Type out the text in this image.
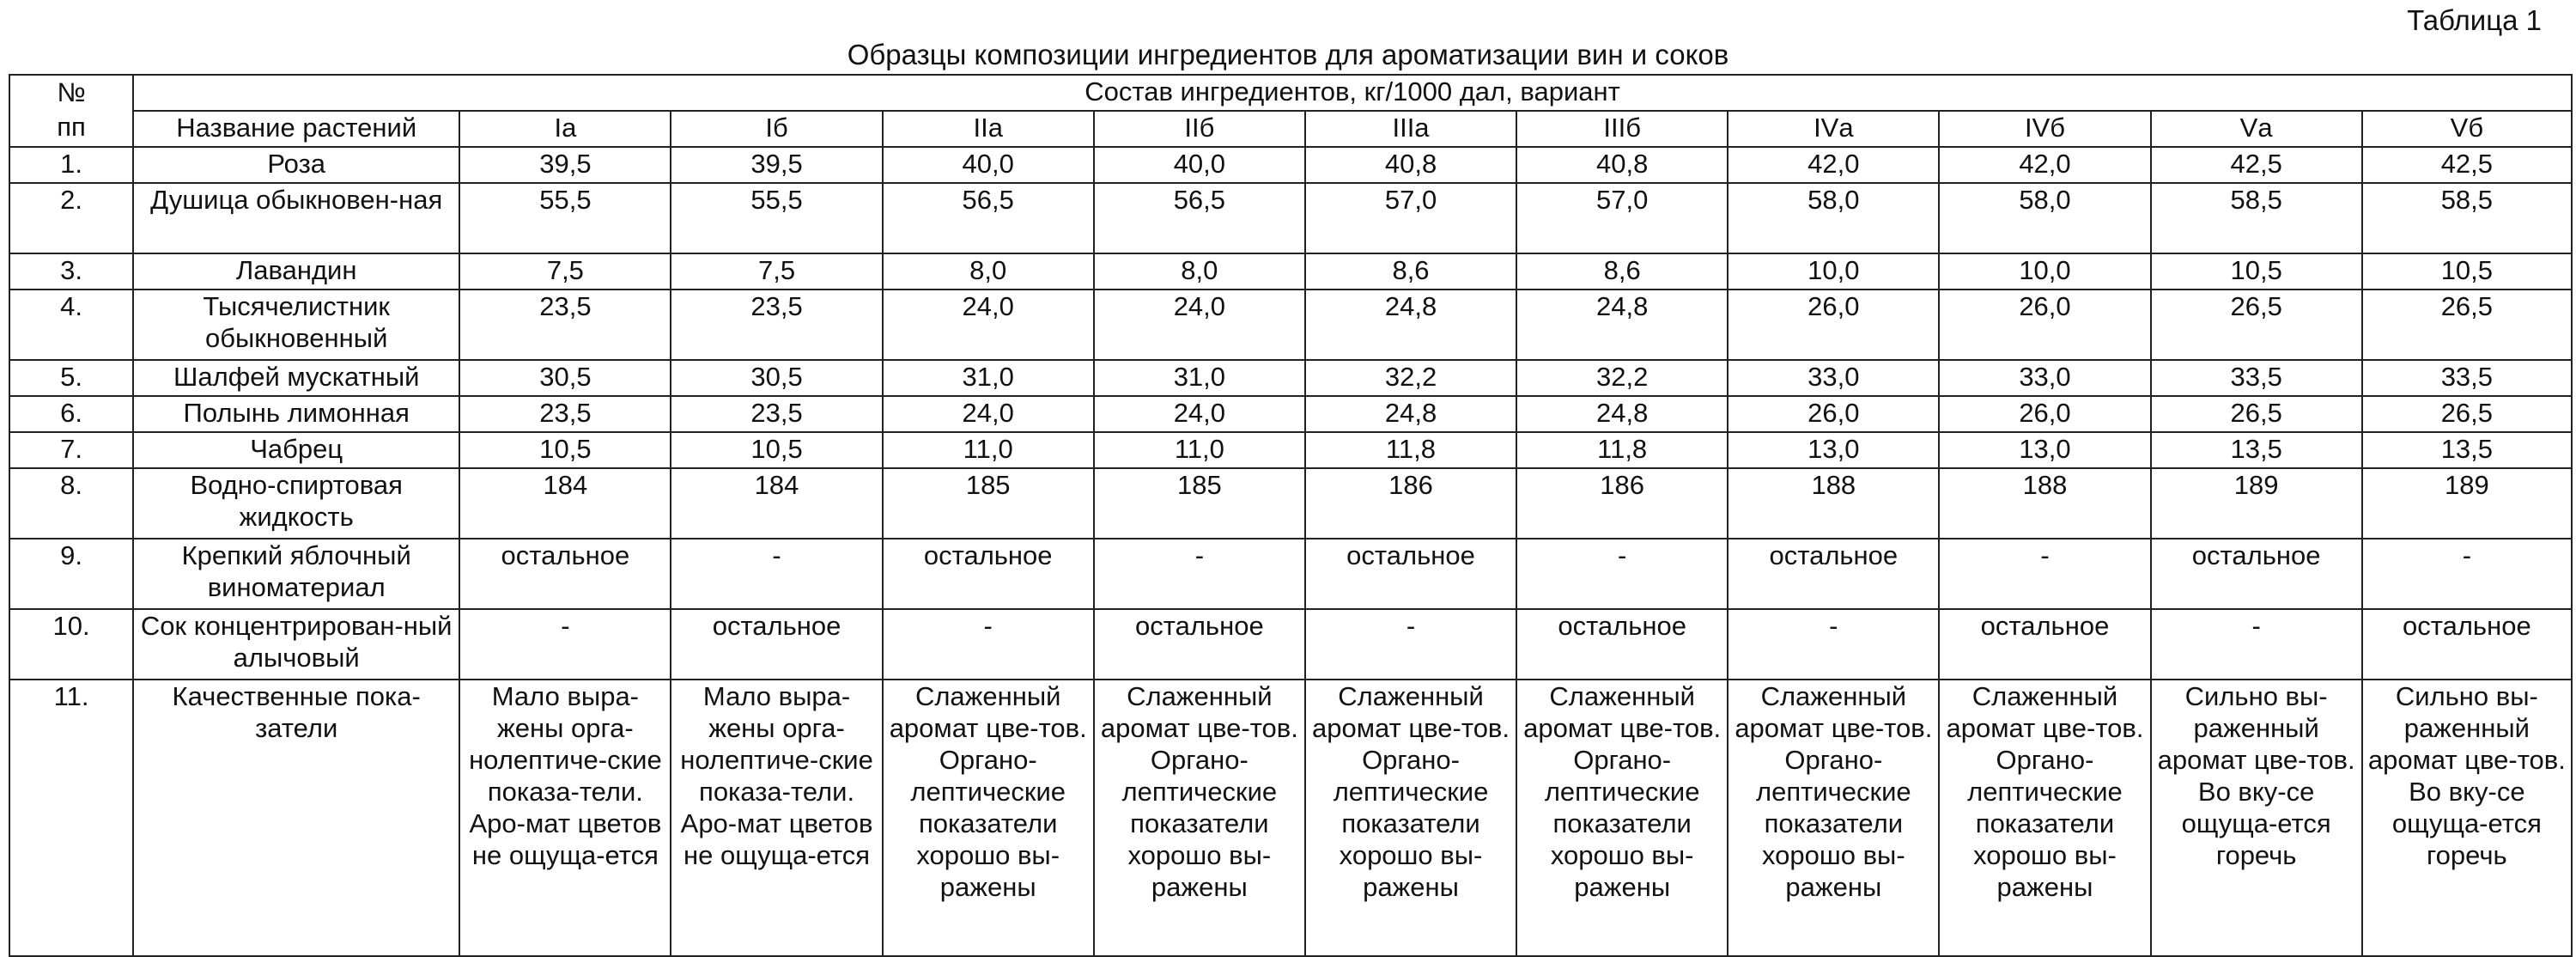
Таблица 1
Образцы композиции ингредиентов для ароматизации вин и соков
№
пп	Состав ингредиентов, кг/1000 дал, вариант										
	Название растений	Iа	Iб	IIа	IIб	IIIа	IIIб	IVа	IVб	Vа	Vб
1.	Роза	39,5	39,5	40,0	40,0	40,8	40,8	42,0	42,0	42,5	42,5
2.	Душица обыкновен-ная	55,5	55,5	56,5	56,5	57,0	57,0	58,0	58,0	58,5	58,5
3.	Лавандин	7,5	7,5	8,0	8,0	8,6	8,6	10,0	10,0	10,5	10,5
4.	Тысячелистник обыкновенный	23,5	23,5	24,0	24,0	24,8	24,8	26,0	26,0	26,5	26,5
5.	Шалфей мускатный	30,5	30,5	31,0	31,0	32,2	32,2	33,0	33,0	33,5	33,5
6.	Полынь лимонная	23,5	23,5	24,0	24,0	24,8	24,8	26,0	26,0	26,5	26,5
7.	Чабрец	10,5	10,5	11,0	11,0	11,8	11,8	13,0	13,0	13,5	13,5
8.	Водно-спиртовая жидкость	184	184	185	185	186	186	188	188	189	189
9.	Крепкий яблочный виноматериал	остальное	-	остальное	-	остальное	-	остальное	-	остальное	-
10.	Сок концентрирован-ный алычовый	-	остальное	-	остальное	-	остальное	-	остальное	-	остальное
11.	Качественные пока-затели	Мало выра-жены орга-нолептиче-ские показа-тели. Аро-мат цветов не ощуща-ется	Мало выра-жены орга-нолептиче-ские показа-тели. Аро-мат цветов не ощуща-ется	Слаженный аромат цве-тов. Органо-лептические показатели хорошо вы-ражены	Слаженный аромат цве-тов. Органо-лептические показатели хорошо вы-ражены	Слаженный аромат цве-тов. Органо-лептические показатели хорошо вы-ражены	Слаженный аромат цве-тов. Органо-лептические показатели хорошо вы-ражены	Слаженный аромат цве-тов. Органо-лептические показатели хорошо вы-ражены	Слаженный аромат цве-тов. Органо-лептические показатели хорошо вы-ражены	Сильно вы-раженный аромат цве-тов. Во вку-се ощуща-ется горечь	Сильно вы-раженный аромат цве-тов. Во вку-се ощуща-ется горечь
